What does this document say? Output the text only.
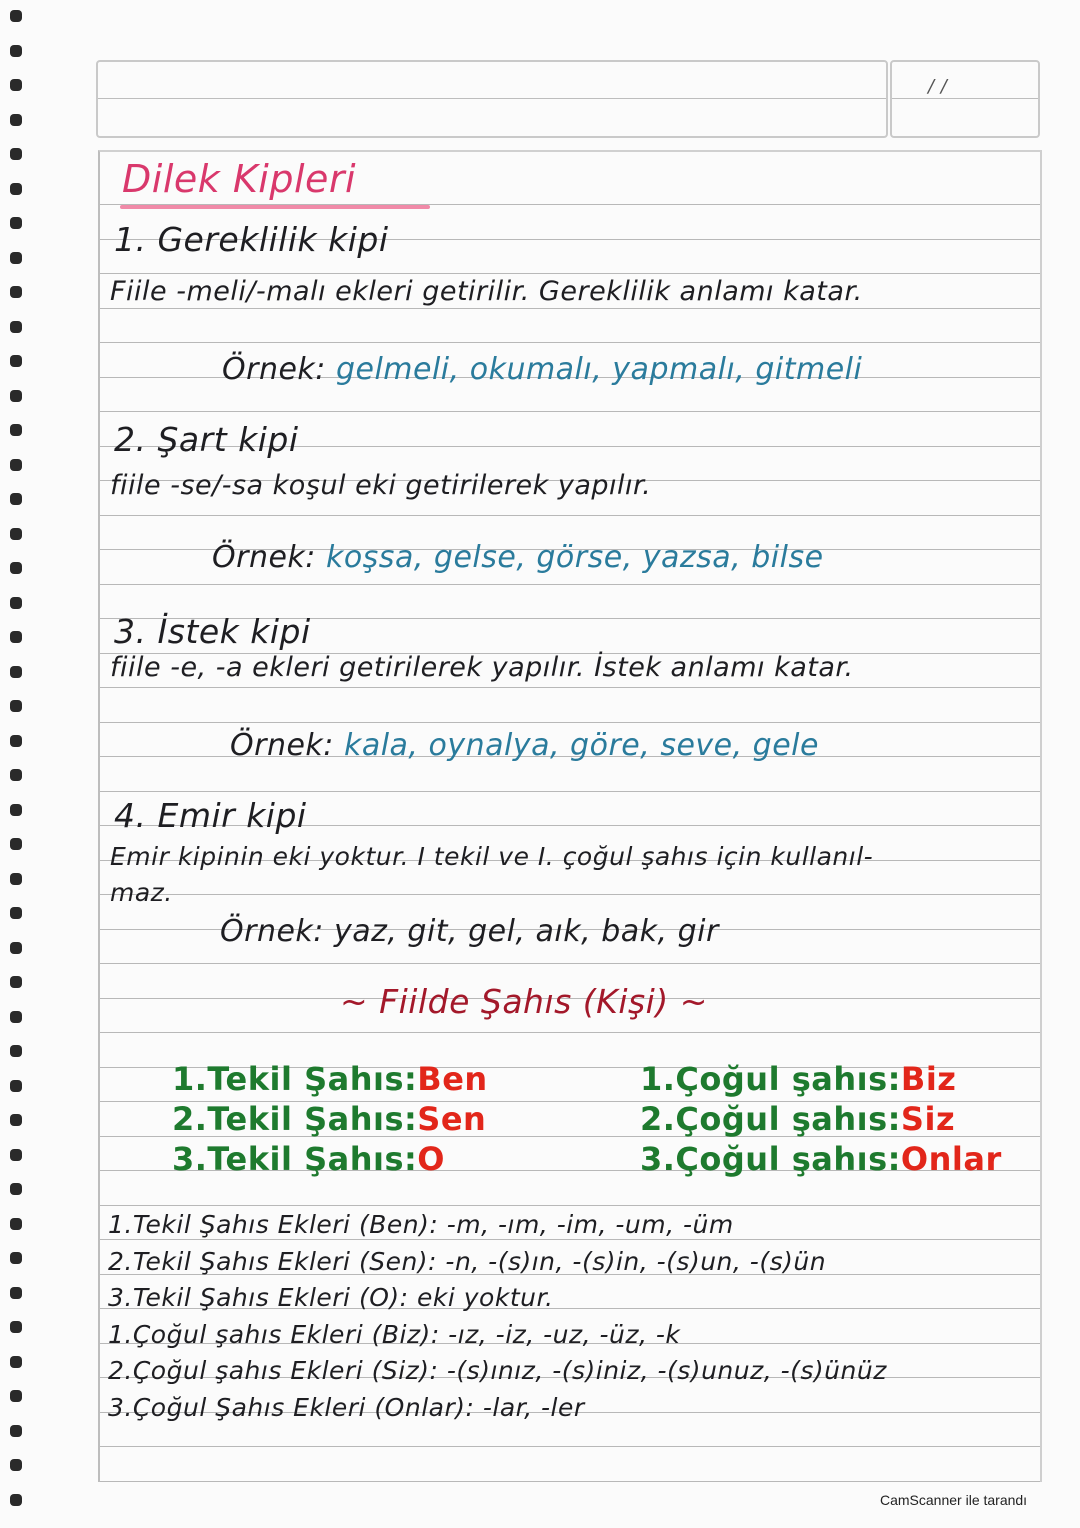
/ /
Dilek Kipleri
1. Gereklilik kipi
Fiile -meli/-malı ekleri getirilir. Gereklilik anlamı katar.
Örnek: gelmeli, okumalı, yapmalı, gitmeli
2. Şart kipi
fiile -se/-sa koşul eki getirilerek yapılır.
Örnek: koşsa, gelse, görse, yazsa, bilse
3. İstek kipi
fiile -e, -a ekleri getirilerek yapılır. İstek anlamı katar.
Örnek: kala, oynalya, göre, seve, gele
4. Emir kipi
Emir kipinin eki yoktur. I tekil ve I. çoğul şahıs için kullanıl-
maz.
Örnek: yaz, git, gel, aık, bak, gir
~ Fiilde Şahıs (Kişi) ~
1.Tekil Şahıs:Ben
2.Tekil Şahıs:Sen
3.Tekil Şahıs:O
1.Çoğul şahıs:Biz
2.Çoğul şahıs:Siz
3.Çoğul şahıs:Onlar
1.Tekil Şahıs Ekleri (Ben): -m, -ım, -im, -um, -üm
2.Tekil Şahıs Ekleri (Sen): -n, -(s)ın, -(s)in, -(s)un, -(s)ün
3.Tekil Şahıs Ekleri (O): eki yoktur.
1.Çoğul şahıs Ekleri (Biz): -ız, -iz, -uz, -üz, -k
2.Çoğul şahıs Ekleri (Siz): -(s)ınız, -(s)iniz, -(s)unuz, -(s)ünüz
3.Çoğul Şahıs Ekleri (Onlar): -lar, -ler
CamScanner ile tarandı
